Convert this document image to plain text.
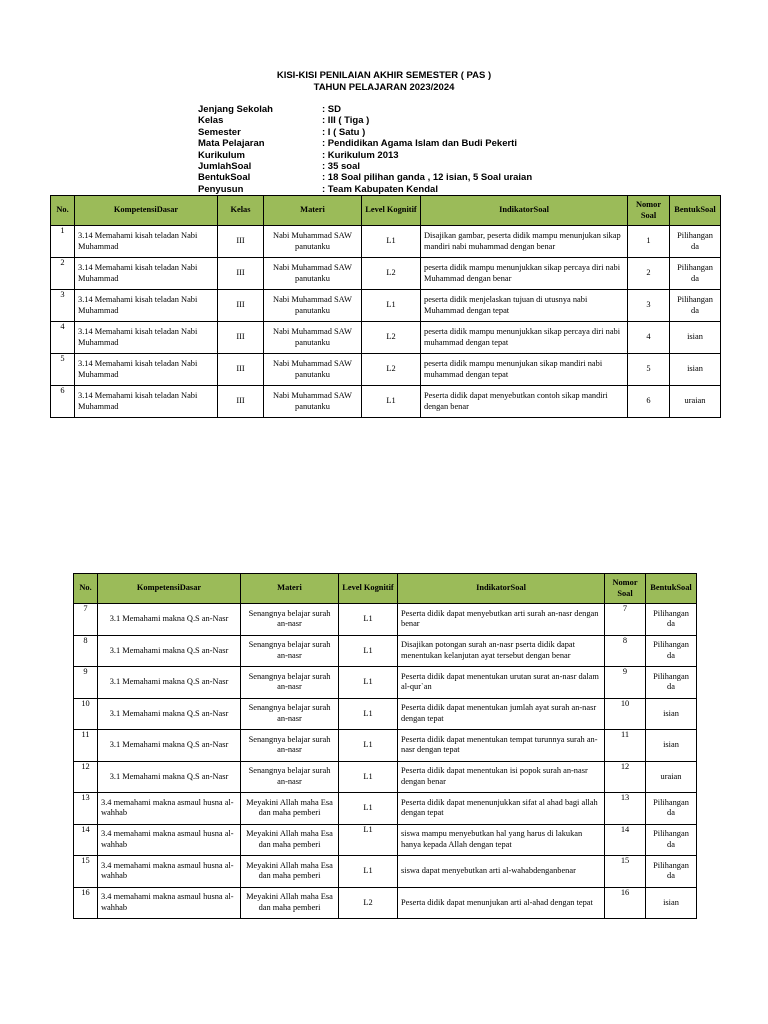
KISI-KISI PENILAIAN AKHIR SEMESTER ( PAS )
TAHUN PELAJARAN 2023/2024
Jenjang Sekolah	: SD
Kelas	: III ( Tiga )
Semester	: I ( Satu )
Mata Pelajaran	: Pendidikan Agama Islam dan Budi Pekerti
Kurikulum	: Kurikulum 2013
JumlahSoal	: 35 soal
BentukSoal	: 18 Soal pilihan ganda , 12 isian, 5 Soal uraian
Penyusun	: Team Kabupaten Kendal
No.	KompetensiDasar	Kelas	Materi	Level Kognitif	IndikatorSoal	Nomor Soal	BentukSoal
1	3.14 Memahami kisah teladan Nabi Muhammad	III	Nabi Muhammad SAW panutanku	L1	Disajikan gambar, peserta didik mampu menunjukan sikap mandiri nabi muhammad dengan benar	1	Pilihangan da
2	3.14 Memahami kisah teladan Nabi Muhammad	III	Nabi Muhammad SAW panutanku	L2	peserta didik mampu menunjukkan sikap percaya diri nabi Muhammad dengan benar	2	Pilihangan da
3	3.14 Memahami kisah teladan Nabi Muhammad	III	Nabi Muhammad SAW panutanku	L1	peserta didik menjelaskan tujuan di utusnya nabi Muhammad dengan tepat	3	Pilihangan da
4	3.14 Memahami kisah teladan Nabi Muhammad	III	Nabi Muhammad SAW panutanku	L2	peserta didik mampu menunjukkan sikap percaya diri nabi muhammad dengan tepat	4	isian
5	3.14 Memahami kisah teladan Nabi Muhammad	III	Nabi Muhammad SAW panutanku	L2	peserta didik mampu menunjukan sikap mandiri nabi muhammad dengan tepat	5	isian
6	3.14 Memahami kisah teladan Nabi Muhammad	III	Nabi Muhammad SAW panutanku	L1	Peserta didik dapat menyebutkan contoh sikap mandiri dengan benar	6	uraian
No.	KompetensiDasar	Materi	Level Kognitif	IndikatorSoal	Nomor Soal	BentukSoal
7	3.1 Memahami makna Q.S an-Nasr	Senangnya belajar surah an-nasr	L1	Peserta didik dapat menyebutkan arti surah an-nasr dengan benar	7	Pilihangan da
8	3.1 Memahami makna Q.S an-Nasr	Senangnya belajar surah an-nasr	L1	Disajikan potongan surah an-nasr pserta didik dapat menentukan kelanjutan ayat tersebut dengan benar	8	Pilihangan da
9	3.1 Memahami makna Q.S an-Nasr	Senangnya belajar surah an-nasr	L1	Peserta didik dapat menentukan urutan surat an-nasr dalam al-qur`an	9	Pilihangan da
10	3.1 Memahami makna Q.S an-Nasr	Senangnya belajar surah an-nasr	L1	Peserta didik dapat menentukan jumlah ayat surah an-nasr dengan tepat	10	isian
11	3.1 Memahami makna Q.S an-Nasr	Senangnya belajar surah an-nasr	L1	Peserta didik dapat menentukan tempat turunnya surah an-nasr dengan tepat	11	isian
12	3.1 Memahami makna Q.S an-Nasr	Senangnya belajar surah an-nasr	L1	Peserta didik dapat menentukan isi popok surah an-nasr dengan benar	12	uraian
13	3.4 memahami makna asmaul husna al-wahhab	Meyakini Allah maha Esa dan maha pemberi	L1	Peserta didik dapat menenunjukkan sifat al ahad bagi allah dengan tepat	13	Pilihangan da
14	3.4 memahami makna asmaul husna al-wahhab	Meyakini Allah maha Esa dan maha pemberi	L1	siswa mampu menyebutkan hal yang harus di lakukan hanya kepada Allah dengan tepat	14	Pilihangan da
15	3.4 memahami makna asmaul husna al-wahhab	Meyakini Allah maha Esa dan maha pemberi	L1	siswa dapat menyebutkan arti al-wahabdenganbenar	15	Pilihangan da
16	3.4 memahami makna asmaul husna al-wahhab	Meyakini Allah maha Esa dan maha pemberi	L2	Peserta didik dapat menunjukan arti al-ahad dengan tepat	16	isian
